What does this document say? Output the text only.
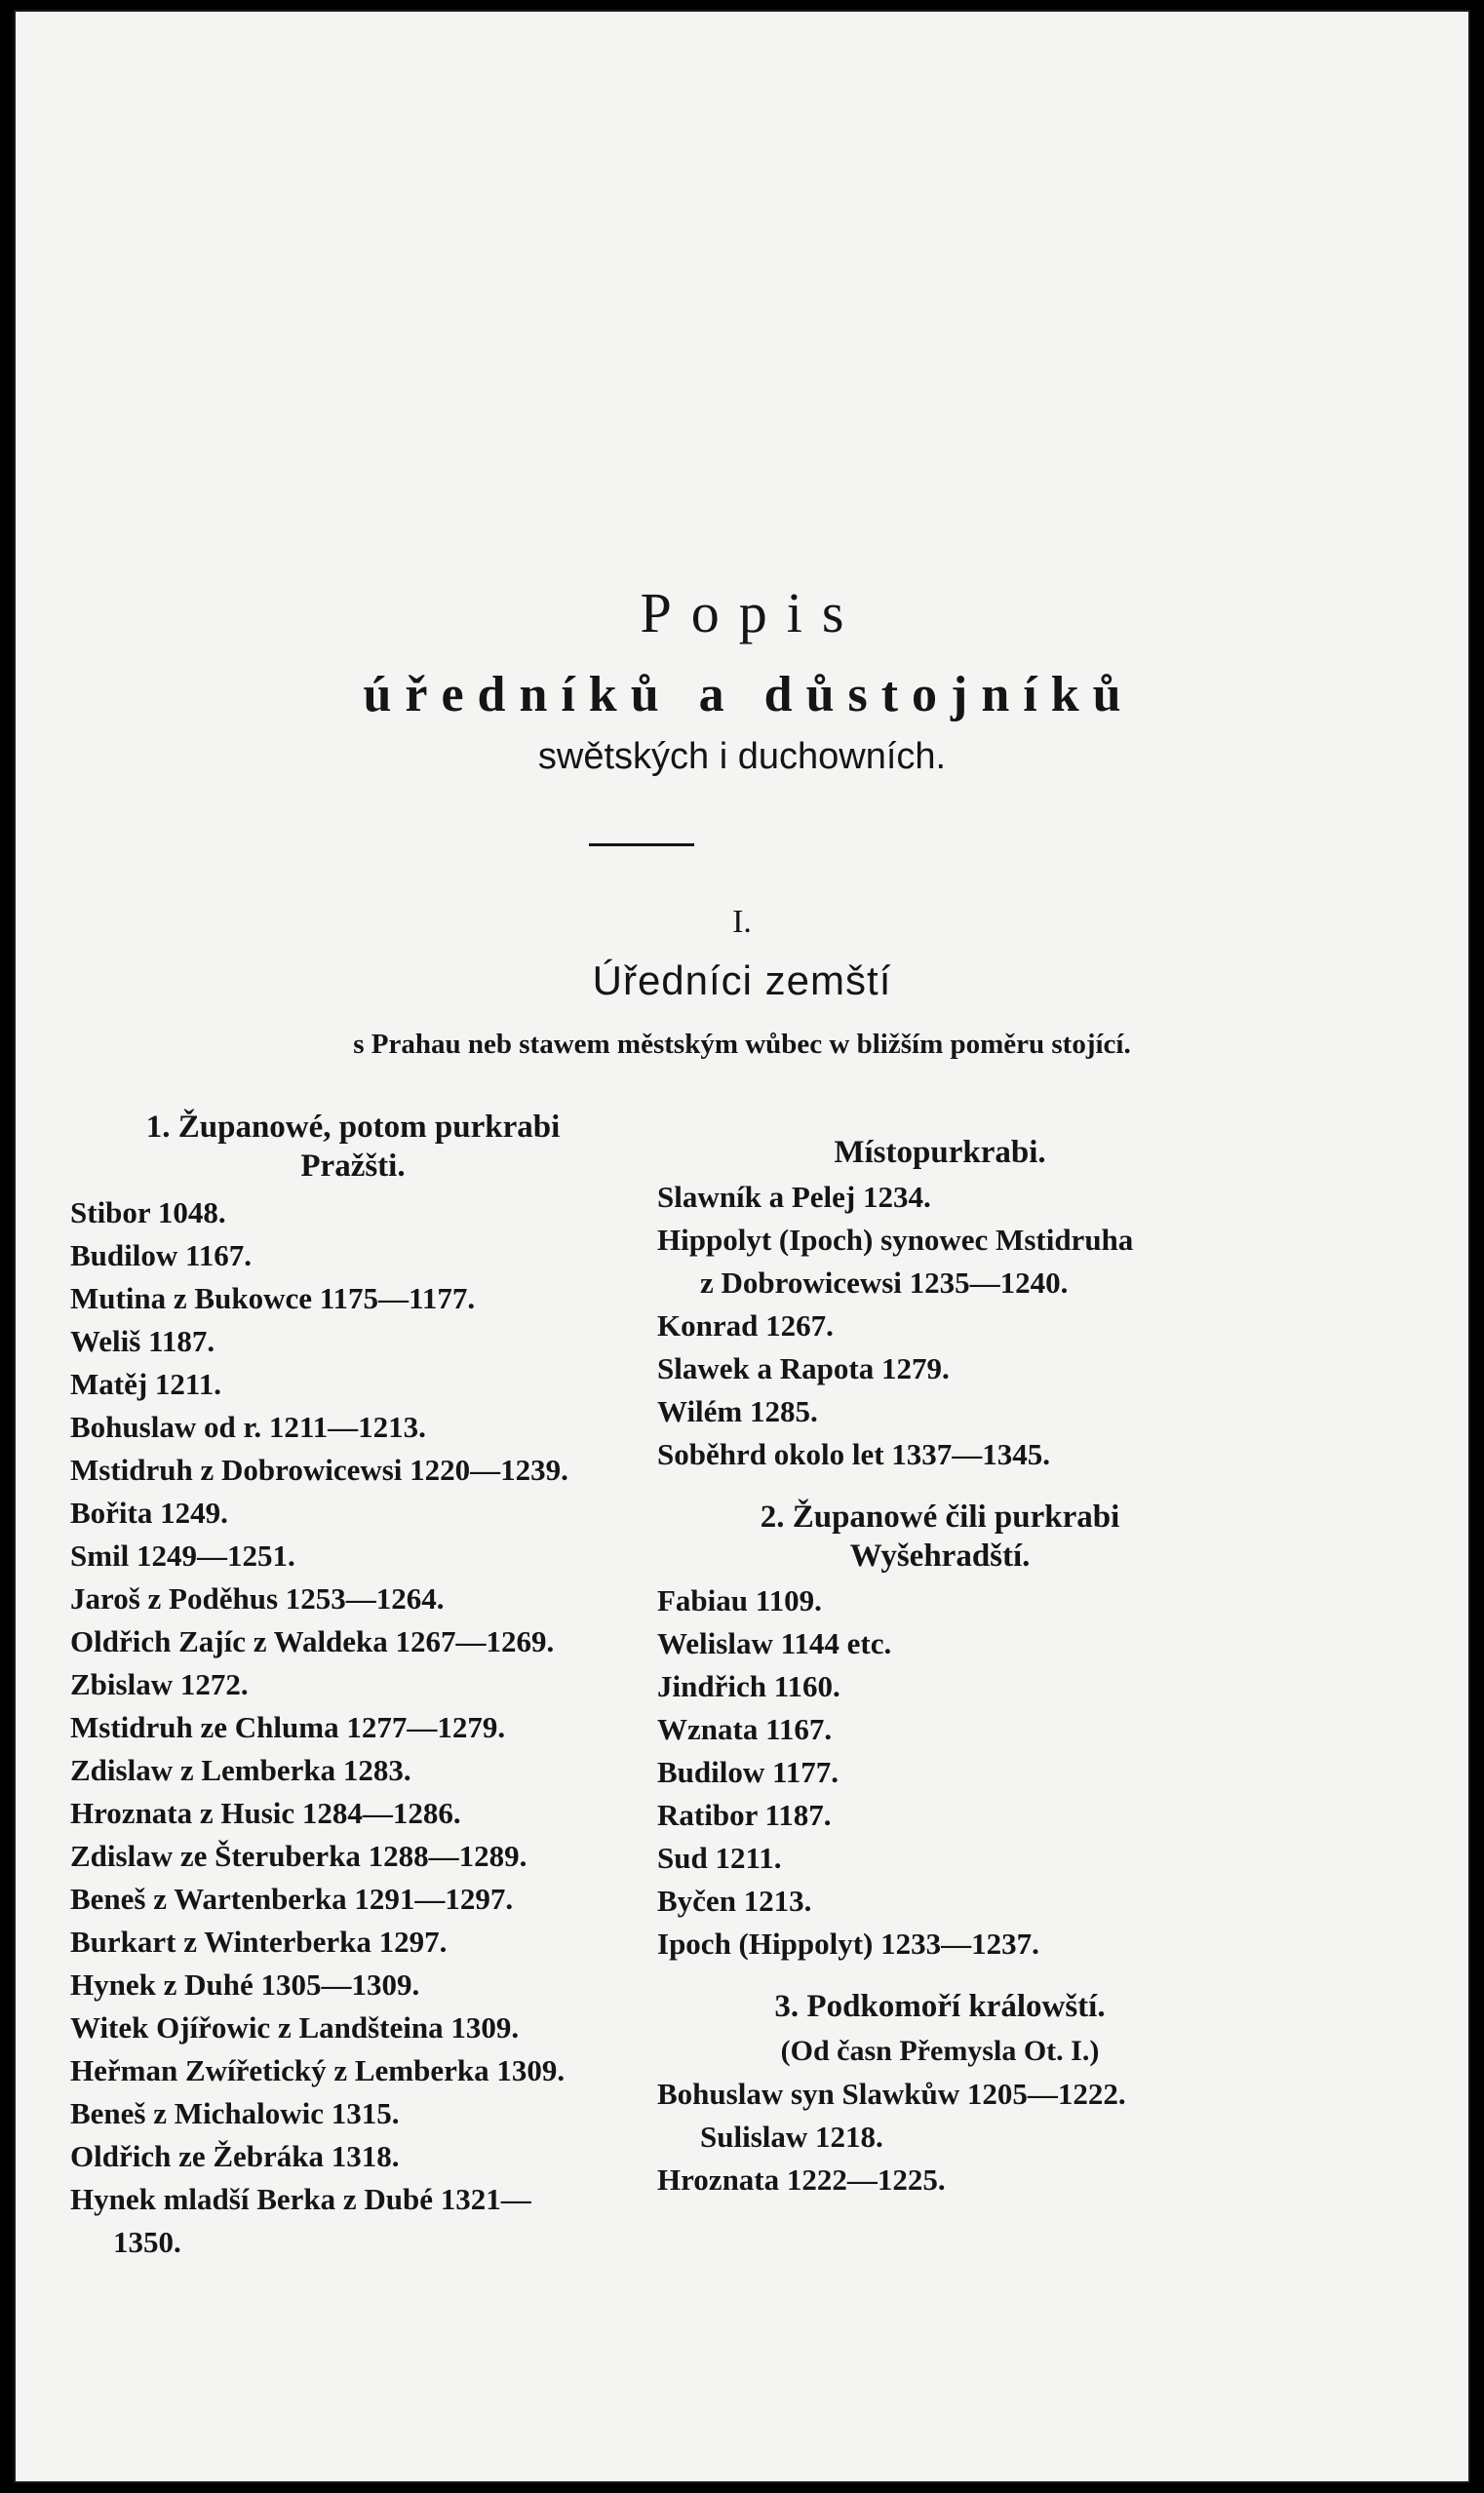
Popis
úředníků a důstojníků
swětských i duchowních.
I.
Úředníci zemští
s Prahau neb stawem městským wůbec w bližším poměru stojící.
1. Županowé, potom purkrabi
Pražšti.
Stibor 1048.
Budilow 1167.
Mutina z Bukowce 1175—1177.
Weliš 1187.
Matěj 1211.
Bohuslaw od r. 1211—1213.
Mstidruh z Dobrowicewsi 1220—1239.
Bořita 1249.
Smil 1249—1251.
Jaroš z Poděhus 1253—1264.
Oldřich Zajíc z Waldeka 1267—1269.
Zbislaw 1272.
Mstidruh ze Chluma 1277—1279.
Zdislaw z Lemberka 1283.
Hroznata z Husic 1284—1286.
Zdislaw ze Šteruberka 1288—1289.
Beneš z Wartenberka 1291—1297.
Burkart z Winterberka 1297.
Hynek z Duhé 1305—1309.
Witek Ojířowic z Landšteina 1309.
Heřman Zwířetický z Lemberka 1309.
Beneš z Michalowic 1315.
Oldřich ze Žebráka 1318.
Hynek mladší Berka z Dubé 1321—
1350.
Místopurkrabi.
Slawník a Pelej 1234.
Hippolyt (Ipoch) synowec Mstidruha
z Dobrowicewsi 1235—1240.
Konrad 1267.
Slawek a Rapota 1279.
Wilém 1285.
Soběhrd okolo let 1337—1345.
2. Županowé čili purkrabi
Wyšehradští.
Fabiau 1109.
Welislaw 1144 etc.
Jindřich 1160.
Wznata 1167.
Budilow 1177.
Ratibor 1187.
Sud 1211.
Byčen 1213.
Ipoch (Hippolyt) 1233—1237.
3. Podkomoří králowští.
(Od časn Přemysla Ot. I.)
Bohuslaw syn Slawkůw 1205—1222.
Sulislaw 1218.
Hroznata 1222—1225.
